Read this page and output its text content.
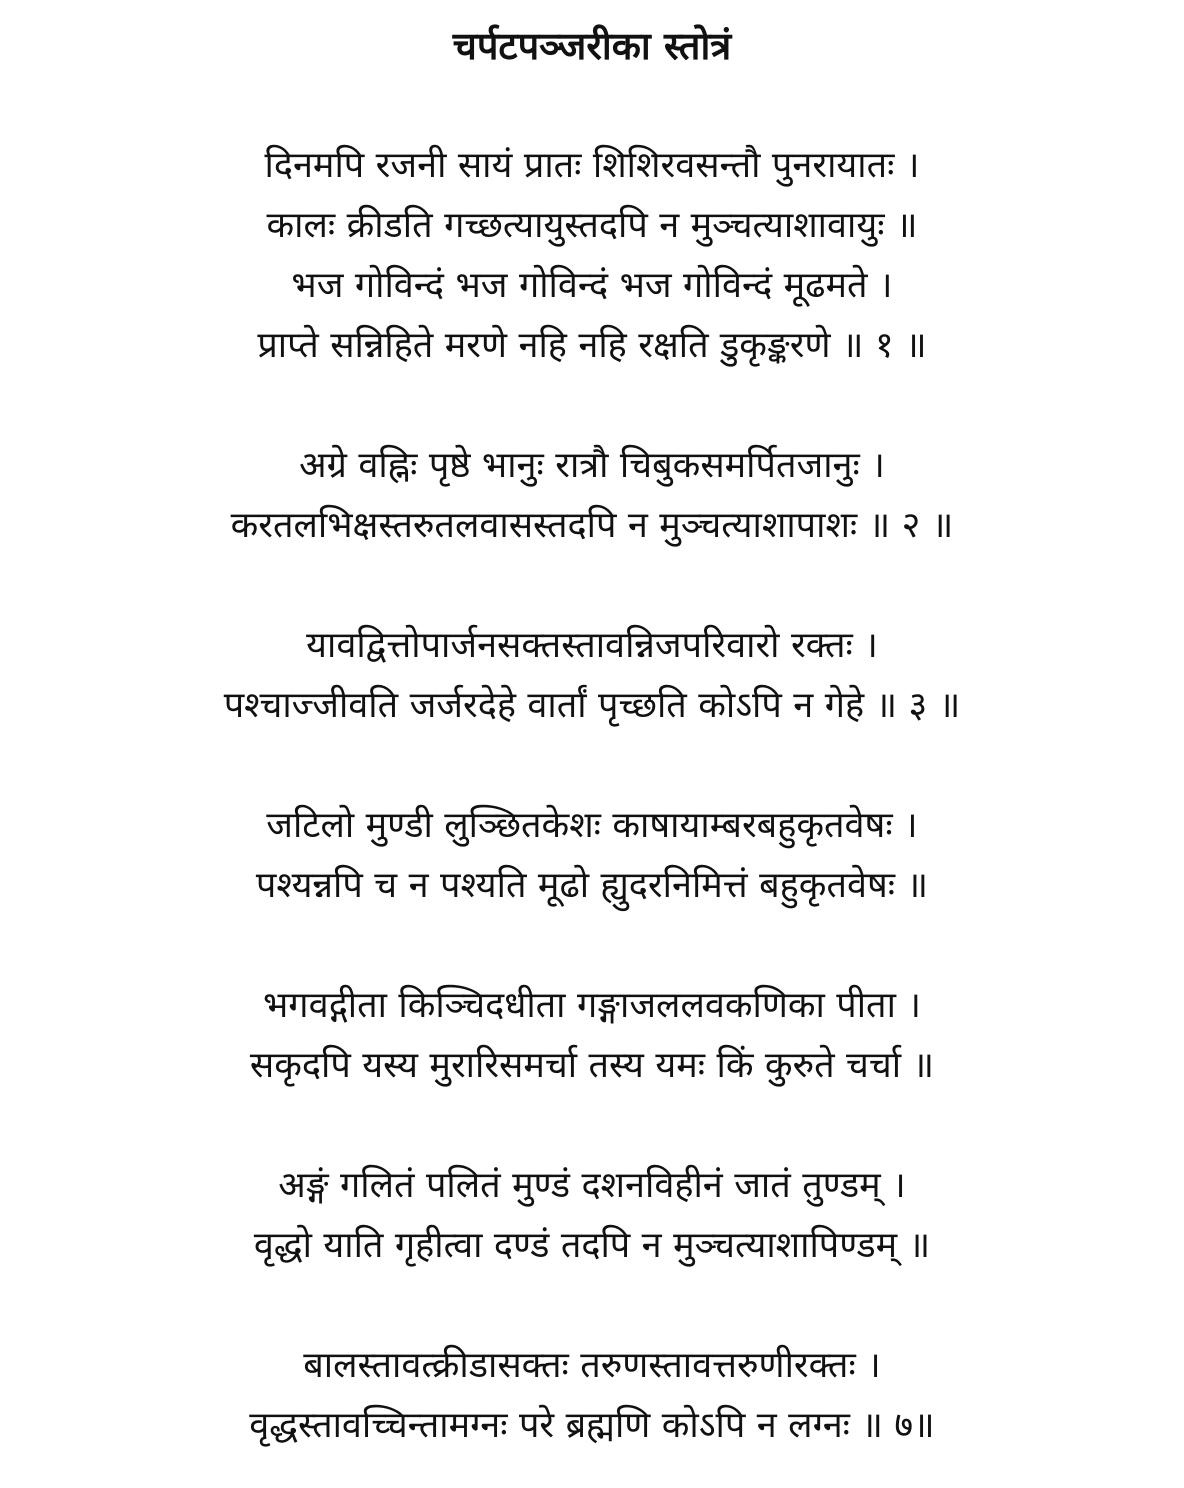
चर्पटपञ्जरीका स्तोत्रं
दिनमपि रजनी सायं प्रातः शिशिरवसन्तौ पुनरायातः ।
कालः क्रीडति गच्छत्यायुस्तदपि न मुञ्चत्याशावायुः ॥
भज गोविन्दं भज गोविन्दं भज गोविन्दं मूढमते ।
प्राप्ते सन्निहिते मरणे नहि नहि रक्षति डुकृङ्करणे ॥ १ ॥
अग्रे वह्निः पृष्ठे भानुः रात्रौ चिबुकसमर्पितजानुः ।
करतलभिक्षस्तरुतलवासस्तदपि न मुञ्चत्याशापाशः ॥ २ ॥
यावद्वित्तोपार्जनसक्तस्तावन्निजपरिवारो रक्तः ।
पश्चाज्जीवति जर्जरदेहे वार्तां पृच्छति कोऽपि न गेहे ॥ ३ ॥
जटिलो मुण्डी लुञ्छितकेशः काषायाम्बरबहुकृतवेषः ।
पश्यन्नपि च न पश्यति मूढो ह्युदरनिमित्तं बहुकृतवेषः ॥
भगवद्गीता किञ्चिदधीता गङ्गाजललवकणिका पीता ।
सकृदपि यस्य मुरारिसमर्चा तस्य यमः किं कुरुते चर्चा ॥
अङ्गं गलितं पलितं मुण्डं दशनविहीनं जातं तुण्डम् ।
वृद्धो याति गृहीत्वा दण्डं तदपि न मुञ्चत्याशापिण्डम् ॥
बालस्तावत्क्रीडासक्तः तरुणस्तावत्तरुणीरक्तः ।
वृद्धस्तावच्चिन्तामग्नः परे ब्रह्मणि कोऽपि न लग्नः ॥ ७॥
